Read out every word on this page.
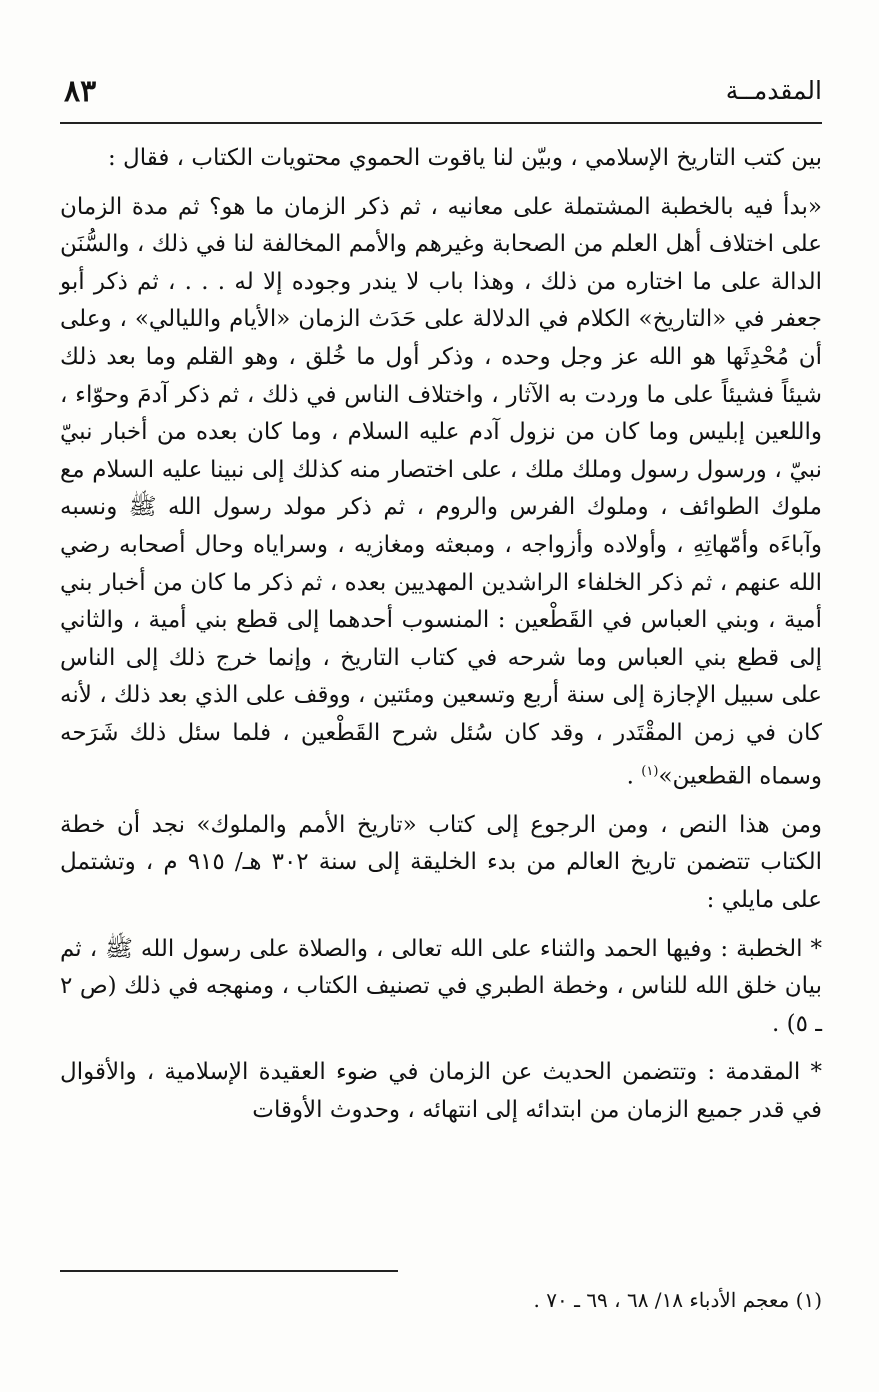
المقدمــة
٨٣

بين كتب التاريخ الإسلامي ، وبيّن لنا ياقوت الحموي محتويات الكتاب ، فقال :

«بدأ فيه بالخطبة المشتملة على معانيه ، ثم ذكر الزمان ما هو؟ ثم مدة الزمان على اختلاف أهل العلم من الصحابة وغيرهم والأمم المخالفة لنا في ذلك ، والسُّنَن الدالة على ما اختاره من ذلك ، وهذا باب لا يندر وجوده إلا له . . . ، ثم ذكر أبو جعفر في «التاريخ» الكلام في الدلالة على حَدَث الزمان «الأيام والليالي» ، وعلى أن مُحْدِثَها هو الله عز وجل وحده ، وذكر أول ما خُلق ، وهو القلم وما بعد ذلك شيئاً فشيئاً على ما وردت به الآثار ، واختلاف الناس في ذلك ، ثم ذكر آدمَ وحوّاء ، واللعين إبليس وما كان من نزول آدم عليه السلام ، وما كان بعده من أخبار نبيّ نبيّ ، ورسول رسول وملك ملك ، على اختصار منه كذلك إلى نبينا عليه السلام مع ملوك الطوائف ، وملوك الفرس والروم ، ثم ذكر مولد رسول الله ﷺ ونسبه وآباءَه وأمّهاتِهِ ، وأولاده وأزواجه ، ومبعثه ومغازيه ، وسراياه وحال أصحابه رضي الله عنهم ، ثم ذكر الخلفاء الراشدين المهديين بعده ، ثم ذكر ما كان من أخبار بني أمية ، وبني العباس في القَطْعين : المنسوب أحدهما إلى قطع بني أمية ، والثاني إلى قطع بني العباس وما شرحه في كتاب التاريخ ، وإنما خرج ذلك إلى الناس على سبيل الإجازة إلى سنة أربع وتسعين ومئتين ، ووقف على الذي بعد ذلك ، لأنه كان في زمن المقْتَدر ، وقد كان سُئل شرح القَطْعين ، فلما سئل ذلك شَرَحه وسماه القطعين»$^{(١)}$ .

ومن هذا النص ، ومن الرجوع إلى كتاب «تاريخ الأمم والملوك» نجد أن خطة الكتاب تتضمن تاريخ العالم من بدء الخليقة إلى سنة ٣٠٢ هـ/ ٩١٥ م ، وتشتمل على مايلي :

* الخطبة : وفيها الحمد والثناء على الله تعالى ، والصلاة على رسول الله ﷺ ، ثم بيان خلق الله للناس ، وخطة الطبري في تصنيف الكتاب ، ومنهجه في ذلك (ص ٢ ـ ٥) .

* المقدمة : وتتضمن الحديث عن الزمان في ضوء العقيدة الإسلامية ، والأقوال في قدر جميع الزمان من ابتدائه إلى انتهائه ، وحدوث الأوقات

(١) معجم الأدباء ١٨/ ٦٨ ، ٦٩ ـ ٧٠ .
